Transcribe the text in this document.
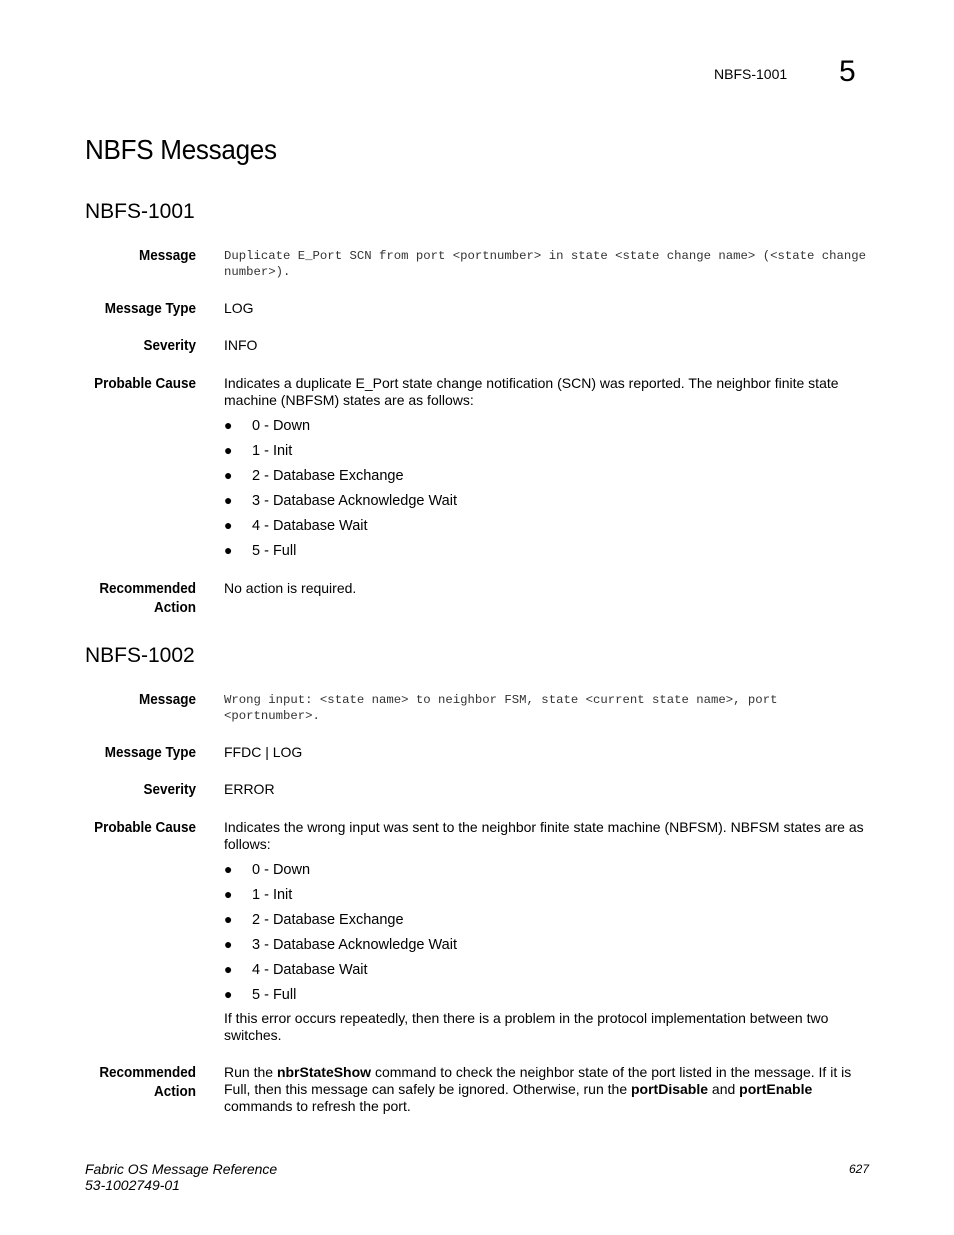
NBFS-1001 5
NBFS Messages
NBFS-1001
Message Duplicate E_Port SCN from port <portnumber> in state <state change name> (<state change number>).
Message Type LOG
Severity INFO
Probable Cause Indicates a duplicate E_Port state change notification (SCN) was reported. The neighbor finite state machine (NBFSM) states are as follows:
● 0 - Down
● 1 - Init
● 2 - Database Exchange
● 3 - Database Acknowledge Wait
● 4 - Database Wait
● 5 - Full
Recommended
Action
No action is required.
NBFS-1002
Message Wrong input: <state name> to neighbor FSM, state <current state name>, port <portnumber>.
Message Type FFDC | LOG
Severity ERROR
Probable Cause Indicates the wrong input was sent to the neighbor finite state machine (NBFSM). NBFSM states are as follows:
● 0 - Down
● 1 - Init
● 2 - Database Exchange
● 3 - Database Acknowledge Wait
● 4 - Database Wait
● 5 - Full
If this error occurs repeatedly, then there is a problem in the protocol implementation between two switches.
Recommended
Action
Run the nbrStateShow command to check the neighbor state of the port listed in the message. If it is Full, then this message can safely be ignored. Otherwise, run the portDisable and portEnable commands to refresh the port.
Fabric OS Message Reference
53-1002749-01
627
